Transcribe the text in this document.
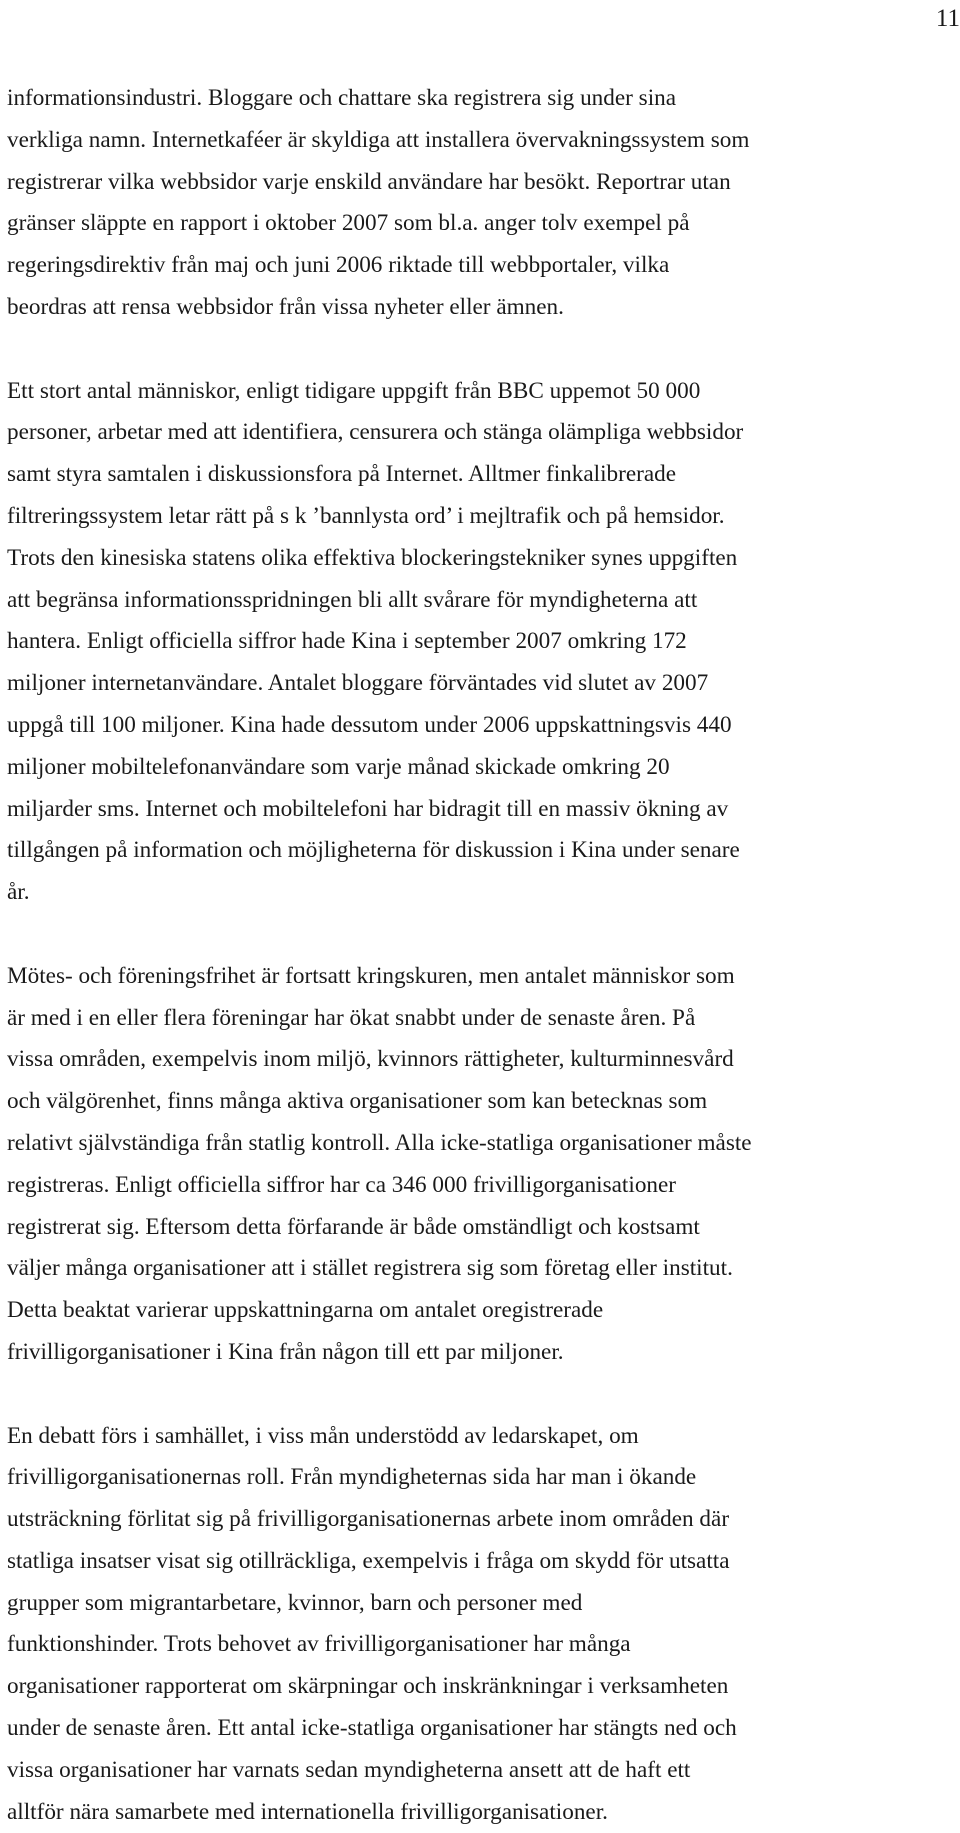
11

informationsindustri. Bloggare och chattare ska registrera sig under sina
verkliga namn. Internetkaféer är skyldiga att installera övervakningssystem som
registrerar vilka webbsidor varje enskild användare har besökt. Reportrar utan
gränser släppte en rapport i oktober 2007 som bl.a. anger tolv exempel på
regeringsdirektiv från maj och juni 2006 riktade till webbportaler, vilka
beordras att rensa webbsidor från vissa nyheter eller ämnen.

Ett stort antal människor, enligt tidigare uppgift från BBC uppemot 50 000
personer, arbetar med att identifiera, censurera och stänga olämpliga webbsidor
samt styra samtalen i diskussionsfora på Internet. Alltmer finkalibrerade
filtreringssystem letar rätt på s k ’bannlysta ord’ i mejltrafik och på hemsidor.
Trots den kinesiska statens olika effektiva blockeringstekniker synes uppgiften
att begränsa informationsspridningen bli allt svårare för myndigheterna att
hantera. Enligt officiella siffror hade Kina i september 2007 omkring 172
miljoner internetanvändare. Antalet bloggare förväntades vid slutet av 2007
uppgå till 100 miljoner. Kina hade dessutom under 2006 uppskattningsvis 440
miljoner mobiltelefonanvändare som varje månad skickade omkring 20
miljarder sms. Internet och mobiltelefoni har bidragit till en massiv ökning av
tillgången på information och möjligheterna för diskussion i Kina under senare
år.

Mötes- och föreningsfrihet är fortsatt kringskuren, men antalet människor som
är med i en eller flera föreningar har ökat snabbt under de senaste åren. På
vissa områden, exempelvis inom miljö, kvinnors rättigheter, kulturminnesvård
och välgörenhet, finns många aktiva organisationer som kan betecknas som
relativt självständiga från statlig kontroll. Alla icke-statliga organisationer måste
registreras. Enligt officiella siffror har ca 346 000 frivilligorganisationer
registrerat sig. Eftersom detta förfarande är både omständligt och kostsamt
väljer många organisationer att i stället registrera sig som företag eller institut.
Detta beaktat varierar uppskattningarna om antalet oregistrerade
frivilligorganisationer i Kina från någon till ett par miljoner.

En debatt förs i samhället, i viss mån understödd av ledarskapet, om
frivilligorganisationernas roll. Från myndigheternas sida har man i ökande
utsträckning förlitat sig på frivilligorganisationernas arbete inom områden där
statliga insatser visat sig otillräckliga, exempelvis i fråga om skydd för utsatta
grupper som migrantarbetare, kvinnor, barn och personer med
funktionshinder. Trots behovet av frivilligorganisationer har många
organisationer rapporterat om skärpningar och inskränkningar i verksamheten
under de senaste åren. Ett antal icke-statliga organisationer har stängts ned och
vissa organisationer har varnats sedan myndigheterna ansett att de haft ett
alltför nära samarbete med internationella frivilligorganisationer.
